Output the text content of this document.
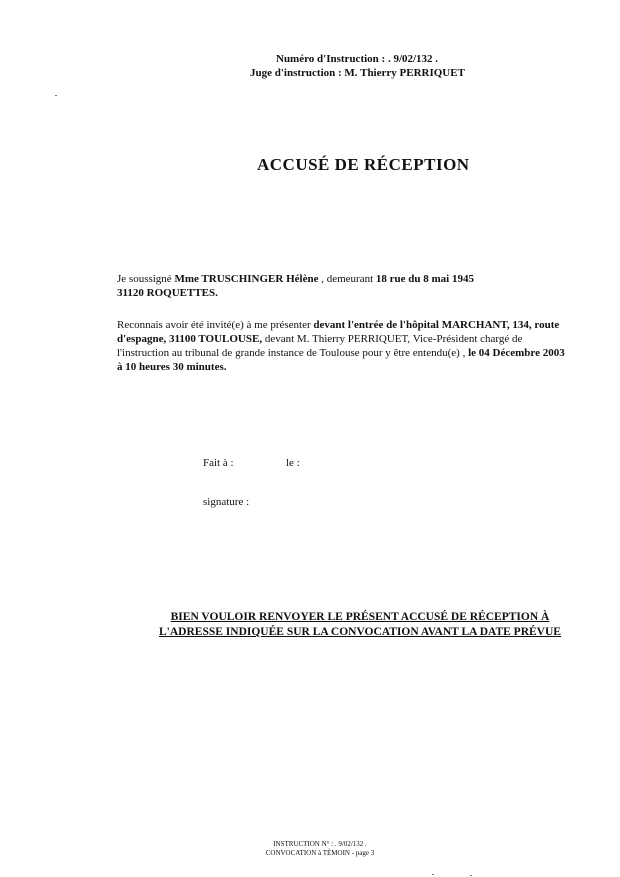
Numéro d'Instruction : . 9/02/132 .
Juge d'instruction : M. Thierry PERRIQUET
ACCUSÉ DE RÉCEPTION
Je soussigné Mme TRUSCHINGER Hélène , demeurant 18 rue du 8 mai 1945
31120 ROQUETTES.
Reconnais avoir été invité(e) à me présenter devant l'entrée de l'hôpital MARCHANT, 134, route
d'espagne, 31100 TOULOUSE, devant M. Thierry PERRIQUET, Vice-Président chargé de
l'instruction au tribunal de grande instance de Toulouse pour y être entendu(e) , le 04 Décembre 2003
à 10 heures 30 minutes.
Fait à :	le :
signature :
BIEN VOULOIR RENVOYER LE PRÉSENT ACCUSÉ DE RÉCEPTION À
L'ADRESSE INDIQUÉE SUR LA CONVOCATION AVANT LA DATE PRÉVUE
INSTRUCTION N° : . 9/02/132 .
CONVOCATION à TÉMOIN - page 3
